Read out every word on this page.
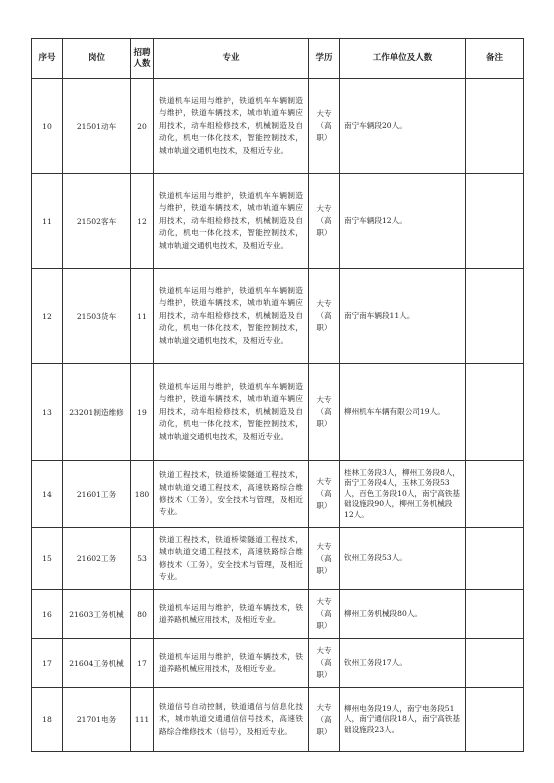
序号	岗位	招聘人数	专业	学历	工作单位及人数	备注
10	21501动车	20	铁道机车运用与维护，铁道机车车辆制造与维护，铁道车辆技术，城市轨道车辆应用技术，动车组检修技术，机械制造及自动化，机电一体化技术，智能控制技术，城市轨道交通机电技术，及相近专业。	大专（高职）	南宁车辆段20人。	
11	21502客车	12	铁道机车运用与维护，铁道机车车辆制造与维护，铁道车辆技术，城市轨道车辆应用技术，动车组检修技术，机械制造及自动化，机电一体化技术，智能控制技术，城市轨道交通机电技术，及相近专业。	大专（高职）	南宁车辆段12人。	
12	21503货车	11	铁道机车运用与维护，铁道机车车辆制造与维护，铁道车辆技术，城市轨道车辆应用技术，动车组检修技术，机械制造及自动化，机电一体化技术，智能控制技术，城市轨道交通机电技术，及相近专业。	大专（高职）	南宁南车辆段11人。	
13	23201制造维修	19	铁道机车运用与维护，铁道机车车辆制造与维护，铁道车辆技术，城市轨道车辆应用技术，动车组检修技术，机械制造及自动化，机电一体化技术，智能控制技术，城市轨道交通机电技术，及相近专业。	大专（高职）	柳州机车车辆有限公司19人。	
14	21601工务	180	铁道工程技术，铁道桥梁隧道工程技术，城市轨道交通工程技术，高速铁路综合维修技术（工务），安全技术与管理，及相近专业。	大专（高职）	桂林工务段3人，柳州工务段8人，南宁工务段4人，玉林工务段53人，百色工务段10人，南宁高铁基础设施段90人，柳州工务机械段12人。	
15	21602工务	53	铁道工程技术，铁道桥梁隧道工程技术，城市轨道交通工程技术，高速铁路综合维修技术（工务），安全技术与管理，及相近专业。	大专（高职）	钦州工务段53人。	
16	21603工务机械	80	铁道机车运用与维护，铁道车辆技术，铁道养路机械应用技术，及相近专业。	大专（高职）	柳州工务机械段80人。	
17	21604工务机械	17	铁道机车运用与维护，铁道车辆技术，铁道养路机械应用技术，及相近专业。	大专（高职）	钦州工务段17人。	
18	21701电务	111	铁道信号自动控制，铁道通信与信息化技术，城市轨道交通通信信号技术，高速铁路综合维修技术（信号），及相近专业。	大专（高职）	柳州电务段19人，南宁电务段51人，南宁通信段18人，南宁高铁基础设施段23人。	
